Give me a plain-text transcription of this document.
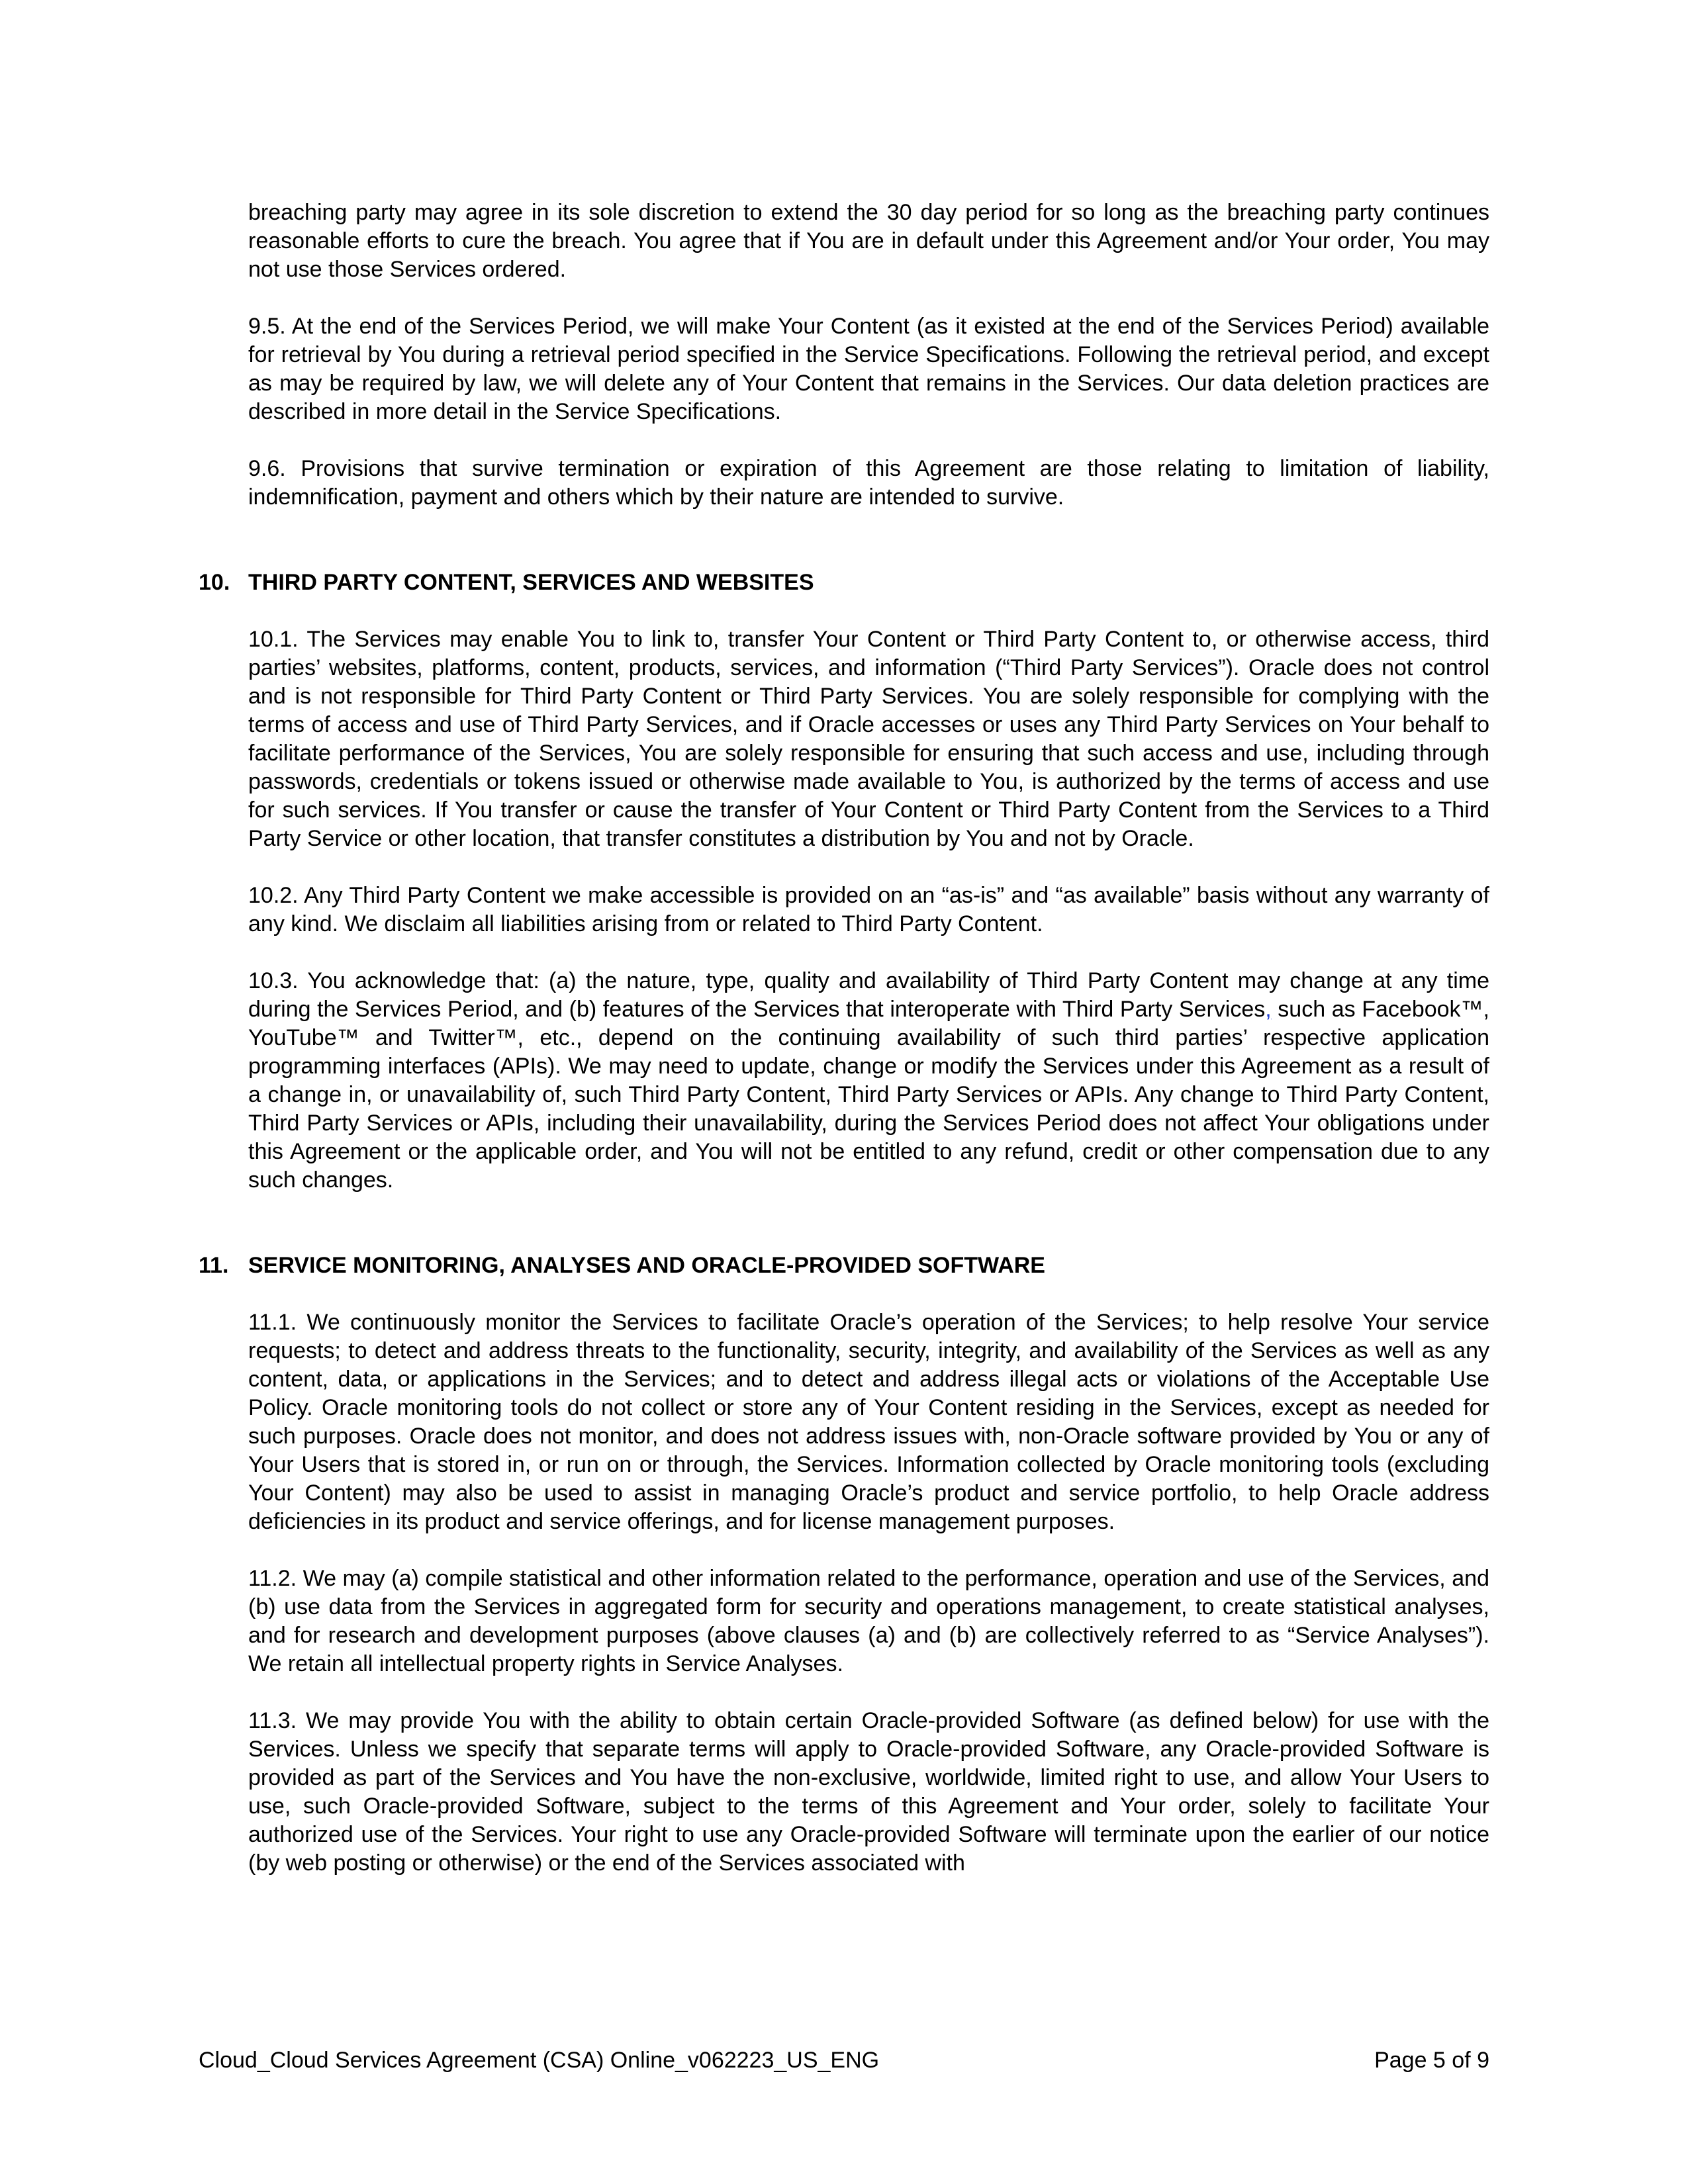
breaching party may agree in its sole discretion to extend the 30 day period for so long as the breaching party continues reasonable efforts to cure the breach. You agree that if You are in default under this Agreement and/or Your order, You may not use those Services ordered.

9.5. At the end of the Services Period, we will make Your Content (as it existed at the end of the Services Period) available for retrieval by You during a retrieval period specified in the Service Specifications. Following the retrieval period, and except as may be required by law, we will delete any of Your Content that remains in the Services. Our data deletion practices are described in more detail in the Service Specifications.

9.6. Provisions that survive termination or expiration of this Agreement are those relating to limitation of liability, indemnification, payment and others which by their nature are intended to survive.

10. THIRD PARTY CONTENT, SERVICES AND WEBSITES

10.1. The Services may enable You to link to, transfer Your Content or Third Party Content to, or otherwise access, third parties’ websites, platforms, content, products, services, and information (“Third Party Services”). Oracle does not control and is not responsible for Third Party Content or Third Party Services. You are solely responsible for complying with the terms of access and use of Third Party Services, and if Oracle accesses or uses any Third Party Services on Your behalf to facilitate performance of the Services, You are solely responsible for ensuring that such access and use, including through passwords, credentials or tokens issued or otherwise made available to You, is authorized by the terms of access and use for such services. If You transfer or cause the transfer of Your Content or Third Party Content from the Services to a Third Party Service or other location, that transfer constitutes a distribution by You and not by Oracle.

10.2. Any Third Party Content we make accessible is provided on an “as-is” and “as available” basis without any warranty of any kind. We disclaim all liabilities arising from or related to Third Party Content.

10.3. You acknowledge that: (a) the nature, type, quality and availability of Third Party Content may change at any time during the Services Period, and (b) features of the Services that interoperate with Third Party Services, such as Facebook™, YouTube™ and Twitter™, etc., depend on the continuing availability of such third parties’ respective application programming interfaces (APIs). We may need to update, change or modify the Services under this Agreement as a result of a change in, or unavailability of, such Third Party Content, Third Party Services or APIs. Any change to Third Party Content, Third Party Services or APIs, including their unavailability, during the Services Period does not affect Your obligations under this Agreement or the applicable order, and You will not be entitled to any refund, credit or other compensation due to any such changes.

11. SERVICE MONITORING, ANALYSES AND ORACLE-PROVIDED SOFTWARE

11.1. We continuously monitor the Services to facilitate Oracle’s operation of the Services; to help resolve Your service requests; to detect and address threats to the functionality, security, integrity, and availability of the Services as well as any content, data, or applications in the Services; and to detect and address illegal acts or violations of the Acceptable Use Policy. Oracle monitoring tools do not collect or store any of Your Content residing in the Services, except as needed for such purposes. Oracle does not monitor, and does not address issues with, non-Oracle software provided by You or any of Your Users that is stored in, or run on or through, the Services. Information collected by Oracle monitoring tools (excluding Your Content) may also be used to assist in managing Oracle’s product and service portfolio, to help Oracle address deficiencies in its product and service offerings, and for license management purposes.

11.2. We may (a) compile statistical and other information related to the performance, operation and use of the Services, and (b) use data from the Services in aggregated form for security and operations management, to create statistical analyses, and for research and development purposes (above clauses (a) and (b) are collectively referred to as “Service Analyses”). We retain all intellectual property rights in Service Analyses.

11.3. We may provide You with the ability to obtain certain Oracle-provided Software (as defined below) for use with the Services. Unless we specify that separate terms will apply to Oracle-provided Software, any Oracle-provided Software is provided as part of the Services and You have the non-exclusive, worldwide, limited right to use, and allow Your Users to use, such Oracle-provided Software, subject to the terms of this Agreement and Your order, solely to facilitate Your authorized use of the Services. Your right to use any Oracle-provided Software will terminate upon the earlier of our notice (by web posting or otherwise) or the end of the Services associated with

Cloud_Cloud Services Agreement (CSA) Online_v062223_US_ENG	Page 5 of 9
